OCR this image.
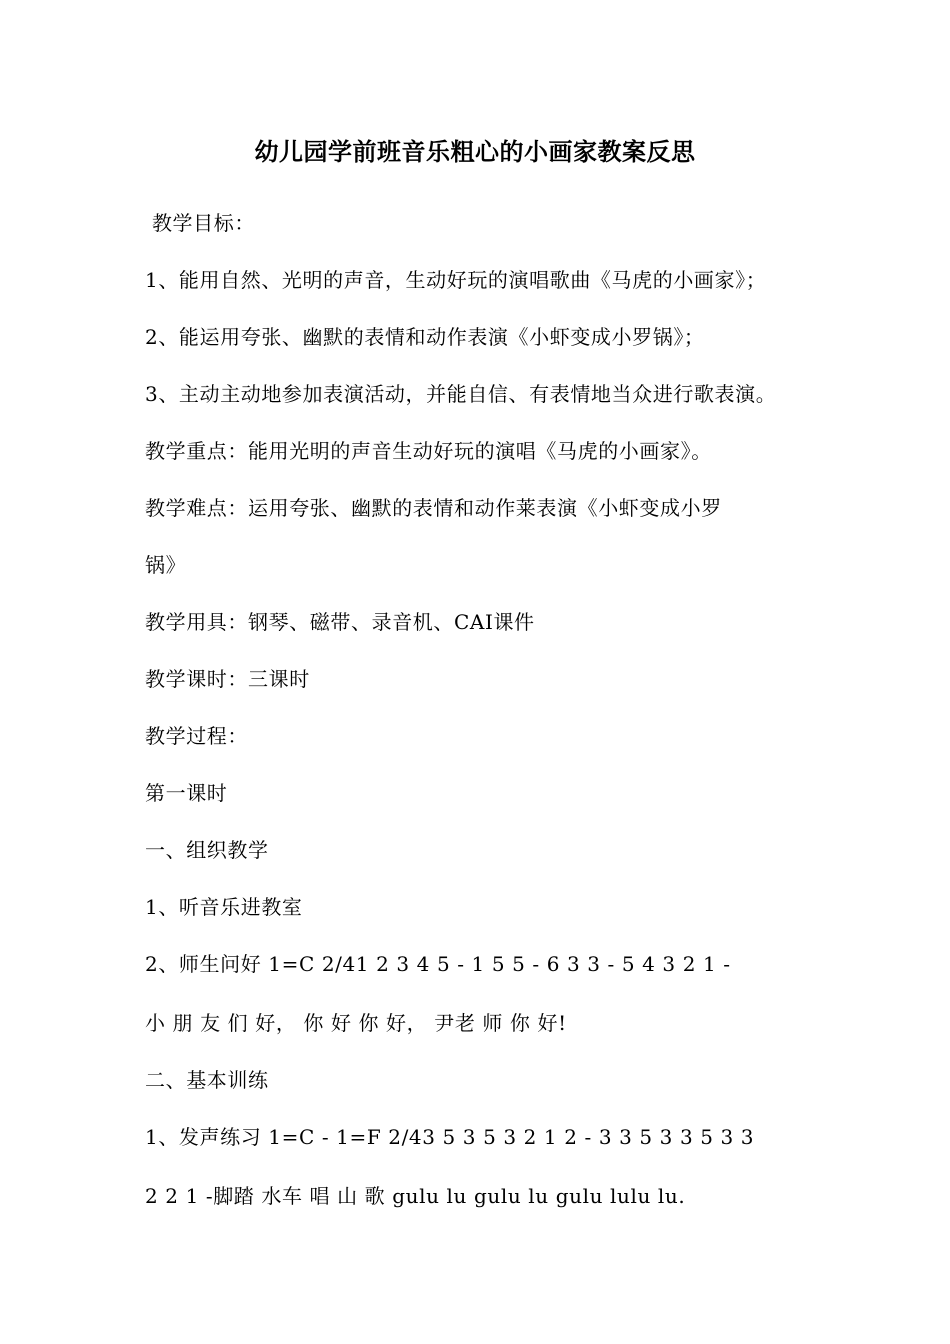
幼儿园学前班音乐粗心的小画家教案反思
教学目标：
1、能用自然、光明的声音，生动好玩的演唱歌曲《马虎的小画家》；
2、能运用夸张、幽默的表情和动作表演《小虾变成小罗锅》；
3、主动主动地参加表演活动，并能自信、有表情地当众进行歌表演。
教学重点：能用光明的声音生动好玩的演唱《马虎的小画家》。
教学难点：运用夸张、幽默的表情和动作莱表演《小虾变成小罗
锅》
教学用具：钢琴、磁带、录音机、CAI课件
教学课时：三课时
教学过程：
第一课时
一、组织教学
1、听音乐进教室
2、师生问好 1=C 2/41 2 3 4 5 - 1 5 5 - 6 3 3 - 5 4 3 2 1 -
小 朋 友 们 好， 你 好 你 好， 尹老 师 你 好!
二、基本训练
1、发声练习 1=C - 1=F 2/43 5 3 5 3 2 1 2 - 3 3 5 3 3 5 3 3
2 2 1 -脚踏 水车 唱 山 歌 gulu lu gulu lu gulu lulu lu.
